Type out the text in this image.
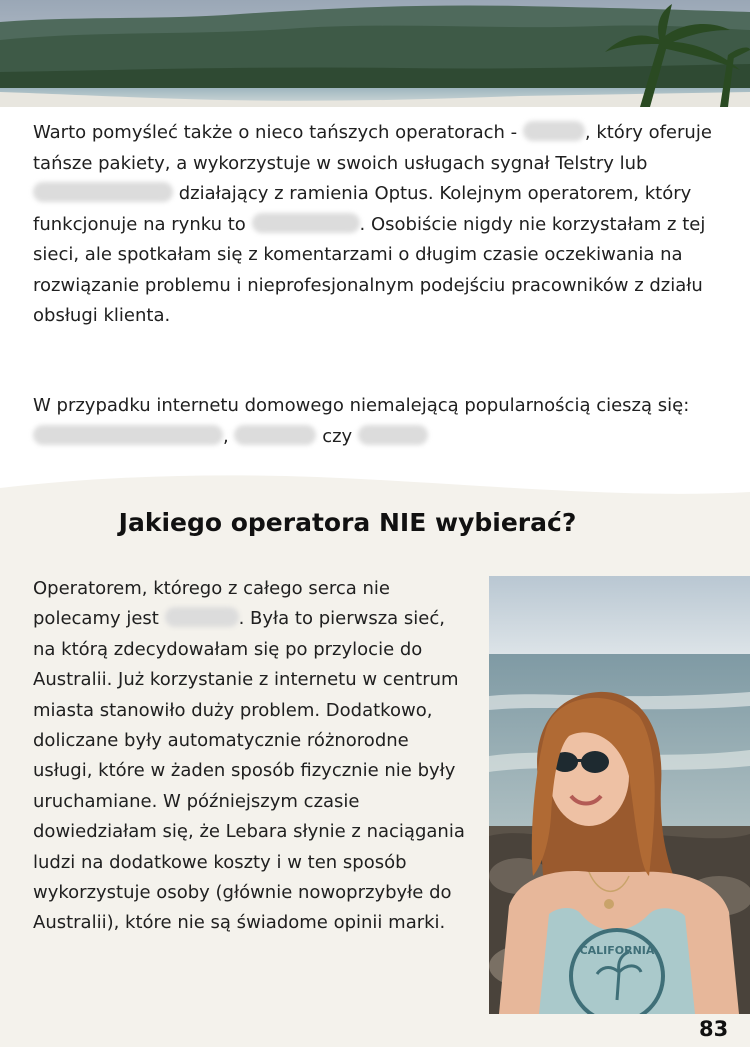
Warto pomyśleć także o nieco tańszych operatorach -	, który oferuje tańsze pakiety, a wykorzystuje w swoich usługach sygnał Telstry lub  działający z ramienia Optus. Kolejnym operatorem, który funkcjonuje na rynku to	. Osobiście nigdy nie korzystałam z tej sieci, ale spotkałam się z komentarzami o długim czasie oczekiwania na rozwiązanie problemu i nieprofesjonalnym podejściu pracowników z działu obsługi klienta.

W przypadku internetu domowego niemalejącą popularnością cieszą się: ,	czy

Jakiego operatora NIE wybierać?

Operatorem, którego z całego serca nie polecamy jest	. Była to pierwsza sieć, na którą zdecydowałam się po przylocie do Australii. Już korzystanie z internetu w centrum miasta stanowiło duży problem. Dodatkowo, doliczane były automatycznie różnorodne usługi, które w żaden sposób fizycznie nie były uruchamiane. W późniejszym czasie dowiedziałam się, że Lebara słynie z naciągania ludzi na dodatkowe koszty i w ten sposób wykorzystuje osoby (głównie nowoprzybyłe do Australii), które nie są świadome opinii marki.

CALIFORNIA
83
